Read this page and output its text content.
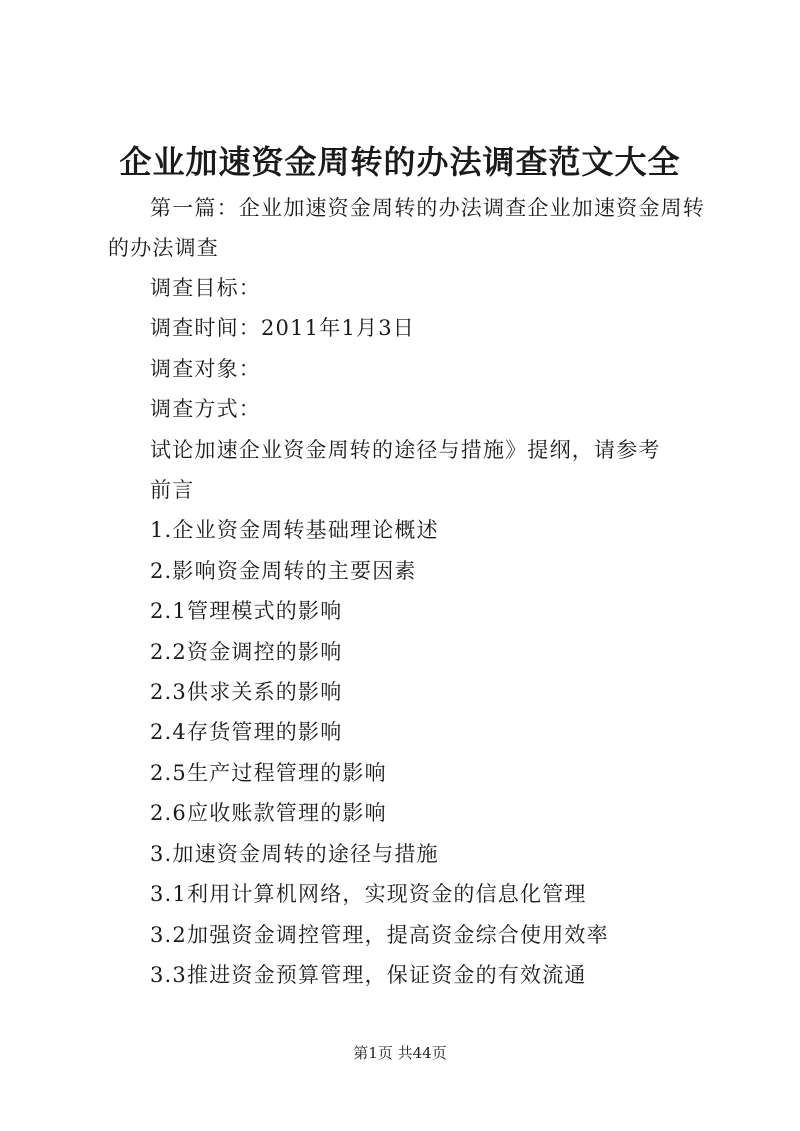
企业加速资金周转的办法调查范文大全

第一篇：企业加速资金周转的办法调查企业加速资金周转的办法调查

调查目标：

调查时间：2011年1月3日

调查对象：

调查方式：

试论加速企业资金周转的途径与措施》提纲，请参考

前言

1.企业资金周转基础理论概述

2.影响资金周转的主要因素

2.1管理模式的影响

2.2资金调控的影响

2.3供求关系的影响

2.4存货管理的影响

2.5生产过程管理的影响

2.6应收账款管理的影响

3.加速资金周转的途径与措施

3.1利用计算机网络，实现资金的信息化管理

3.2加强资金调控管理，提高资金综合使用效率

3.3推进资金预算管理，保证资金的有效流通

第1页 共44页
